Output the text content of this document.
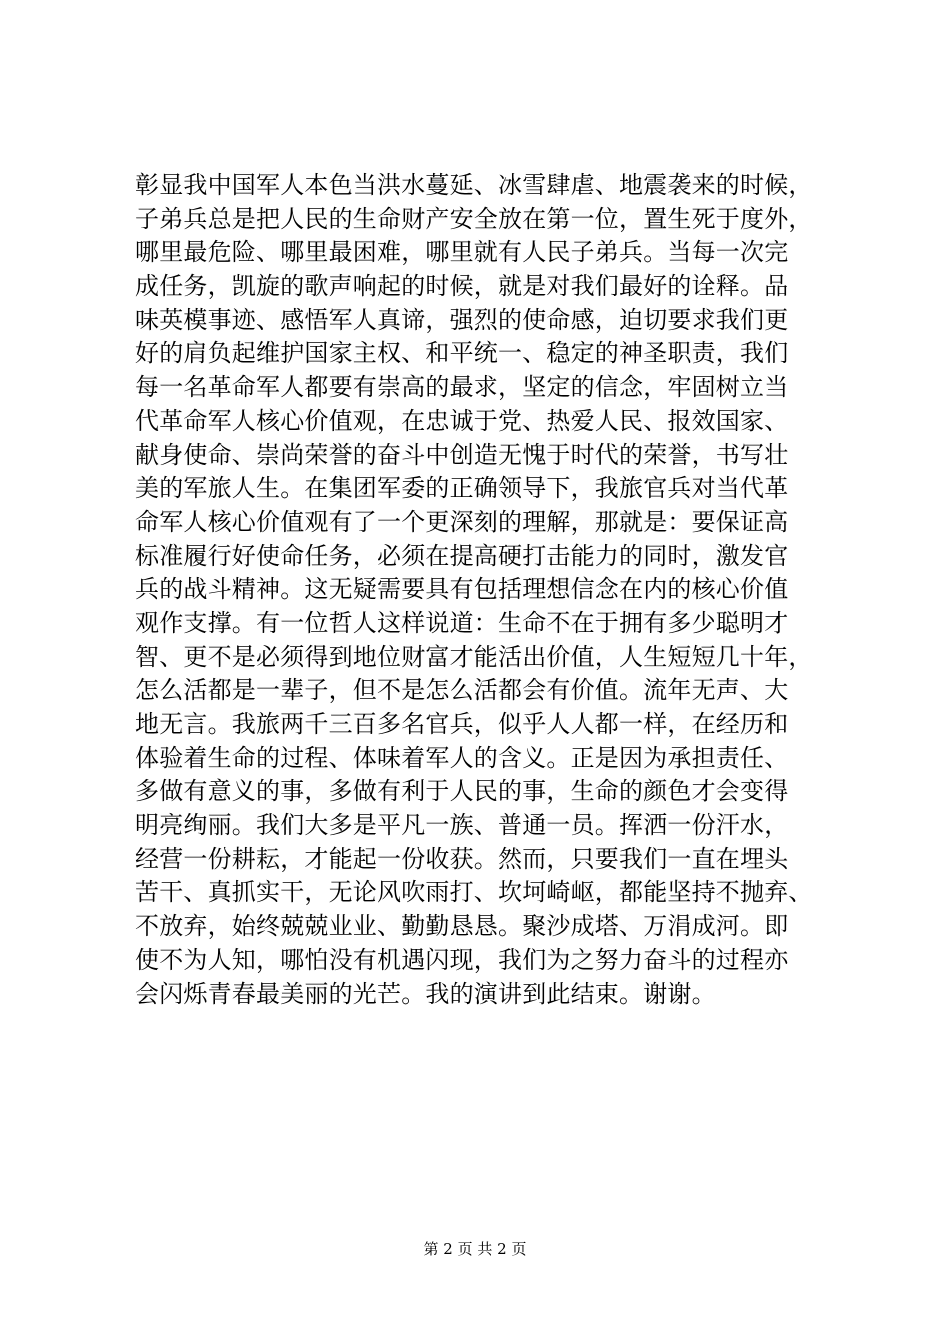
彰显我中国军人本色当洪水蔓延、冰雪肆虐、地震袭来的时候，
子弟兵总是把人民的生命财产安全放在第一位，置生死于度外，
哪里最危险、哪里最困难，哪里就有人民子弟兵。当每一次完
成任务，凯旋的歌声响起的时候，就是对我们最好的诠释。品
味英模事迹、感悟军人真谛，强烈的使命感，迫切要求我们更
好的肩负起维护国家主权、和平统一、稳定的神圣职责，我们
每一名革命军人都要有崇高的最求，坚定的信念，牢固树立当
代革命军人核心价值观，在忠诚于党、热爱人民、报效国家、
献身使命、崇尚荣誉的奋斗中创造无愧于时代的荣誉，书写壮
美的军旅人生。在集团军委的正确领导下，我旅官兵对当代革
命军人核心价值观有了一个更深刻的理解，那就是：要保证高
标准履行好使命任务，必须在提高硬打击能力的同时，激发官
兵的战斗精神。这无疑需要具有包括理想信念在内的核心价值
观作支撑。有一位哲人这样说道：生命不在于拥有多少聪明才
智、更不是必须得到地位财富才能活出价值，人生短短几十年，
怎么活都是一辈子，但不是怎么活都会有价值。流年无声、大
地无言。我旅两千三百多名官兵，似乎人人都一样，在经历和
体验着生命的过程、体味着军人的含义。正是因为承担责任、
多做有意义的事，多做有利于人民的事，生命的颜色才会变得
明亮绚丽。我们大多是平凡一族、普通一员。挥洒一份汗水，
经营一份耕耘，才能起一份收获。然而，只要我们一直在埋头
苦干、真抓实干，无论风吹雨打、坎坷崎岖，都能坚持不抛弃、
不放弃，始终兢兢业业、勤勤恳恳。聚沙成塔、万涓成河。即
使不为人知，哪怕没有机遇闪现，我们为之努力奋斗的过程亦
会闪烁青春最美丽的光芒。我的演讲到此结束。谢谢。
第 2 页 共 2 页
